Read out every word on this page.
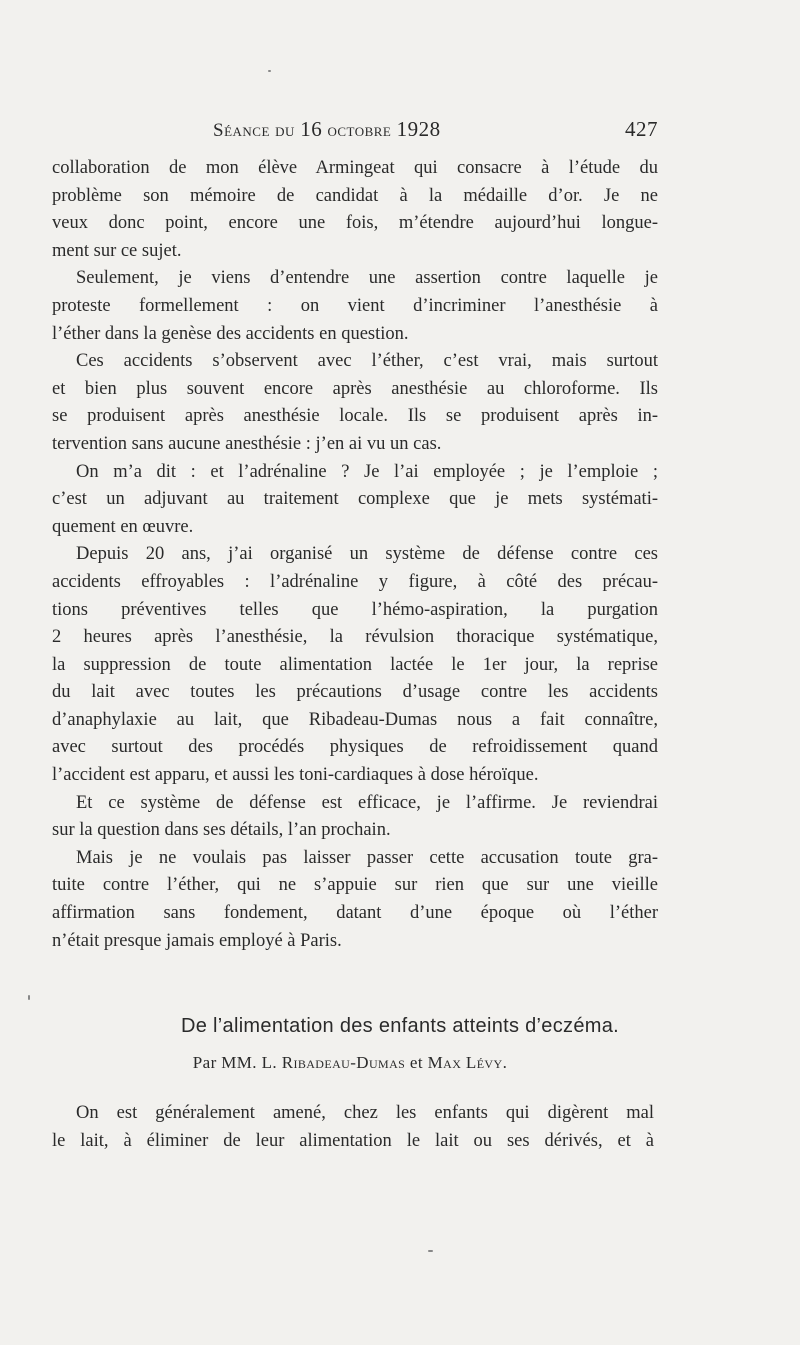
Séance du 16 octobre 1928	427
collaboration de mon élève Armingeat qui consacre à l’étude du
problème son mémoire de candidat à la médaille d’or. Je ne
veux donc point, encore une fois, m’étendre aujourd’hui longue-
ment sur ce sujet.
Seulement, je viens d’entendre une assertion contre laquelle je
proteste formellement : on vient d’incriminer l’anesthésie à
l’éther dans la genèse des accidents en question.
Ces accidents s’observent avec l’éther, c’est vrai, mais surtout
et bien plus souvent encore après anesthésie au chloroforme. Ils
se produisent après anesthésie locale. Ils se produisent après in-
tervention sans aucune anesthésie : j’en ai vu un cas.
On m’a dit : et l’adrénaline ? Je l’ai employée ; je l’emploie ;
c’est un adjuvant au traitement complexe que je mets systémati-
quement en œuvre.
Depuis 20 ans, j’ai organisé un système de défense contre ces
accidents effroyables : l’adrénaline y figure, à côté des précau-
tions préventives telles que l’hémo-aspiration, la purgation
2 heures après l’anesthésie, la révulsion thoracique systématique,
la suppression de toute alimentation lactée le 1er jour, la reprise
du lait avec toutes les précautions d’usage contre les accidents
d’anaphylaxie au lait, que Ribadeau-Dumas nous a fait connaître,
avec surtout des procédés physiques de refroidissement quand
l’accident est apparu, et aussi les toni-cardiaques à dose héroïque.
Et ce système de défense est efficace, je l’affirme. Je reviendrai
sur la question dans ses détails, l’an prochain.
Mais je ne voulais pas laisser passer cette accusation toute gra-
tuite contre l’éther, qui ne s’appuie sur rien que sur une vieille
affirmation sans fondement, datant d’une époque où l’éther
n’était presque jamais employé à Paris.
De l’alimentation des enfants atteints d’eczéma.
Par MM. L. Ribadeau-Dumas et Max Lévy.
On est généralement amené, chez les enfants qui digèrent mal
le lait, à éliminer de leur alimentation le lait ou ses dérivés, et à
